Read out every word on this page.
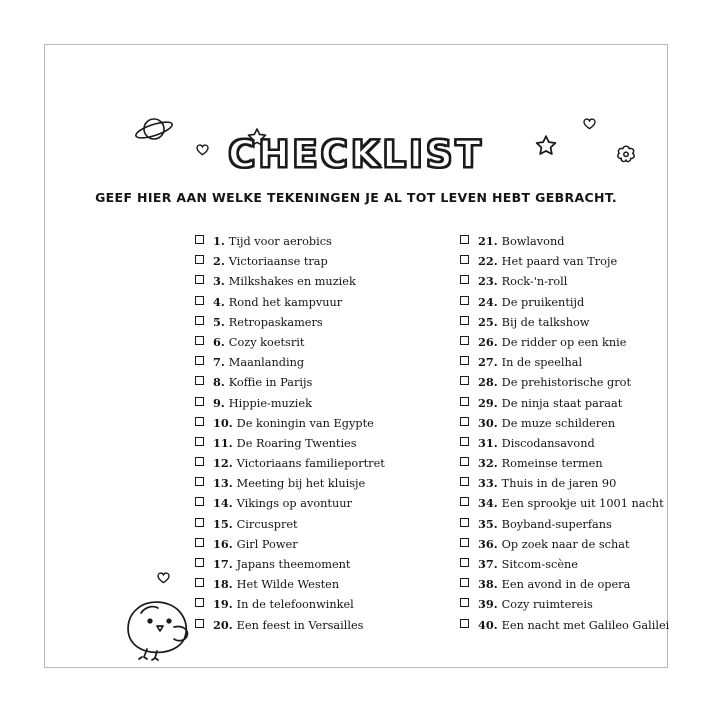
CHECKLIST
GEEF HIER AAN WELKE TEKENINGEN JE AL TOT LEVEN HEBT GEBRACHT.
1. Tijd voor aerobics
2. Victoriaanse trap
3. Milkshakes en muziek
4. Rond het kampvuur
5. Retropaskamers
6. Cozy koetsrit
7. Maanlanding
8. Koffie in Parijs
9. Hippie-muziek
10. De koningin van Egypte
11. De Roaring Twenties
12. Victoriaans familieportret
13. Meeting bij het kluisje
14. Vikings op avontuur
15. Circuspret
16. Girl Power
17. Japans theemoment
18. Het Wilde Westen
19. In de telefoonwinkel
20. Een feest in Versailles
21. Bowlavond
22. Het paard van Troje
23. Rock-'n-roll
24. De pruikentijd
25. Bij de talkshow
26. De ridder op een knie
27. In de speelhal
28. De prehistorische grot
29. De ninja staat paraat
30. De muze schilderen
31. Discodansavond
32. Romeinse termen
33. Thuis in de jaren 90
34. Een sprookje uit 1001 nacht
35. Boyband-superfans
36. Op zoek naar de schat
37. Sitcom-scène
38. Een avond in de opera
39. Cozy ruimtereis
40. Een nacht met Galileo Galilei
